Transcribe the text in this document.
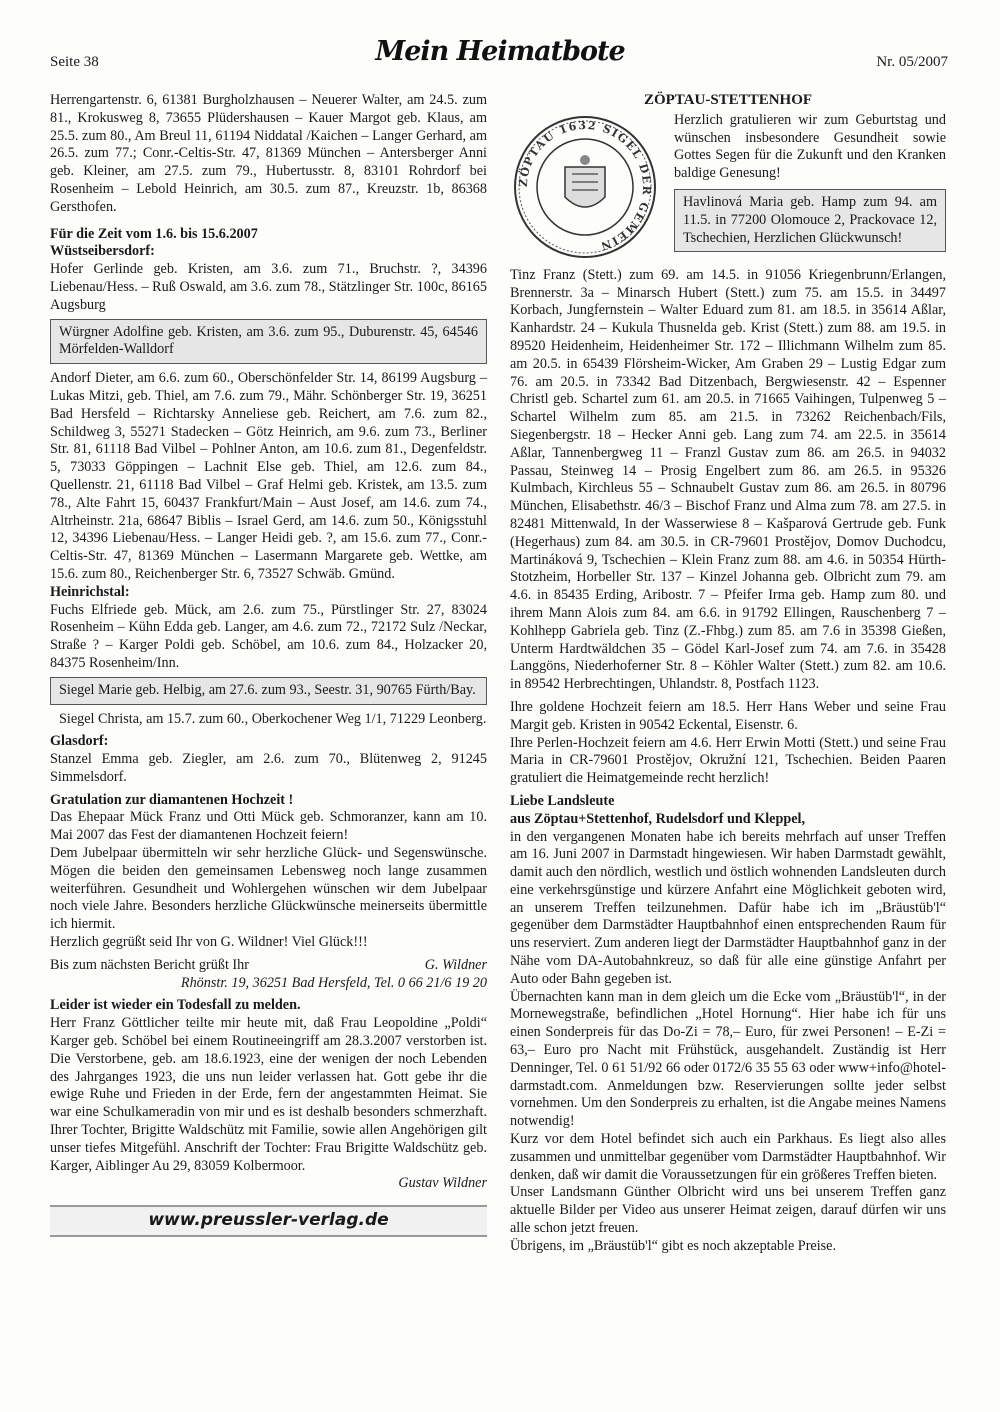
Seite 38	Mein Heimatbote	Nr. 05/2007

Herrengartenstr. 6, 61381 Burgholzhausen – Neuerer Walter, am 24.5. zum 81., Krokusweg 8, 73655 Plüdershausen – Kauer Margot geb. Klaus, am 25.5. zum 80., Am Breul 11, 61194 Niddatal /Kaichen – Langer Gerhard, am 26.5. zum 77.; Conr.-Celtis-Str. 47, 81369 München – Antersberger Anni geb. Kleiner, am 27.5. zum 79., Hubertusstr. 8, 83101 Rohrdorf bei Rosenheim – Lebold Heinrich, am 30.5. zum 87., Kreuzstr. 1b, 86368 Gersthofen.

Für die Zeit vom 1.6. bis 15.6.2007

Wüstseibersdorf:

Hofer Gerlinde geb. Kristen, am 3.6. zum 71., Bruchstr. ?, 34396 Liebenau/Hess. – Ruß Oswald, am 3.6. zum 78., Stätzlinger Str. 100c, 86165 Augsburg

Würgner Adolfine geb. Kristen, am 3.6. zum 95., Duburenstr. 45, 64546 Mörfelden-Walldorf

Andorf Dieter, am 6.6. zum 60., Oberschönfelder Str. 14, 86199 Augsburg – Lukas Mitzi, geb. Thiel, am 7.6. zum 79., Mähr. Schönberger Str. 19, 36251 Bad Hersfeld – Richtarsky Anneliese geb. Reichert, am 7.6. zum 82., Schildweg 3, 55271 Stadecken – Götz Heinrich, am 9.6. zum 73., Berliner Str. 81, 61118 Bad Vilbel – Pohlner Anton, am 10.6. zum 81., Degenfeldstr. 5, 73033 Göppingen – Lachnit Else geb. Thiel, am 12.6. zum 84., Quellenstr. 21, 61118 Bad Vilbel – Graf Helmi geb. Kristek, am 13.5. zum 78., Alte Fahrt 15, 60437 Frankfurt/Main – Aust Josef, am 14.6. zum 74., Altrheinstr. 21a, 68647 Biblis – Israel Gerd, am 14.6. zum 50., Königsstuhl 12, 34396 Liebenau/Hess. – Langer Heidi geb. ?, am 15.6. zum 77., Conr.-Celtis-Str. 47, 81369 München – Lasermann Margarete geb. Wettke, am 15.6. zum 80., Reichenberger Str. 6, 73527 Schwäb. Gmünd.

Heinrichstal:

Fuchs Elfriede geb. Mück, am 2.6. zum 75., Pürstlinger Str. 27, 83024 Rosenheim – Kühn Edda geb. Langer, am 4.6. zum 72., 72172 Sulz /Neckar, Straße ? – Karger Poldi geb. Schöbel, am 10.6. zum 84., Holzacker 20, 84375 Rosenheim/Inn.

Siegel Marie geb. Helbig, am 27.6. zum 93., Seestr. 31, 90765 Fürth/Bay.

Siegel Christa, am 15.7. zum 60., Oberkochener Weg 1/1, 71229 Leonberg.

Glasdorf:

Stanzel Emma geb. Ziegler, am 2.6. zum 70., Blütenweg 2, 91245 Simmelsdorf.

Gratulation zur diamantenen Hochzeit !

Das Ehepaar Mück Franz und Otti Mück geb. Schmoranzer, kann am 10. Mai 2007 das Fest der diamantenen Hochzeit feiern!

Dem Jubelpaar übermitteln wir sehr herzliche Glück- und Segenswünsche. Mögen die beiden den gemeinsamen Lebensweg noch lange zusammen weiterführen. Gesundheit und Wohlergehen wünschen wir dem Jubelpaar noch viele Jahre. Besonders herzliche Glückwünsche meinerseits übermittle ich hiermit.

Herzlich gegrüßt seid Ihr von G. Wildner! Viel Glück!!!

Bis zum nächsten Bericht grüßt Ihr	G. Wildner

Rhönstr. 19, 36251 Bad Hersfeld, Tel. 0 66 21/6 19 20

Leider ist wieder ein Todesfall zu melden.

Herr Franz Göttlicher teilte mir heute mit, daß Frau Leopoldine „Poldi“ Karger geb. Schöbel bei einem Routineeingriff am 28.3.2007 verstorben ist. Die Verstorbene, geb. am 18.6.1923, eine der wenigen der noch Lebenden des Jahrganges 1923, die uns nun leider verlassen hat. Gott gebe ihr die ewige Ruhe und Frieden in der Erde, fern der angestammten Heimat. Sie war eine Schulkameradin von mir und es ist deshalb besonders schmerzhaft. Ihrer Tochter, Brigitte Waldschütz mit Familie, sowie allen Angehörigen gilt unser tiefes Mitgefühl. Anschrift der Tochter: Frau Brigitte Waldschütz geb. Karger, Aiblinger Au 29, 83059 Kolbermoor.

Gustav Wildner

www.preussler-verlag.de
ZÖPTAU-STETTENHOF
ZÖPTAU 1632 SIGEL DER GEMEIN

Herzlich gratulieren wir zum Geburtstag und wünschen insbesondere Gesundheit sowie Gottes Segen für die Zukunft und den Kranken baldige Genesung!

Havlinová Maria geb. Hamp zum 94. am 11.5. in 77200 Olomouce 2, Prackovace 12, Tschechien, Herzlichen Glückwunsch!

Tinz Franz (Stett.) zum 69. am 14.5. in 91056 Kriegenbrunn/Erlangen, Brennerstr. 3a – Minarsch Hubert (Stett.) zum 75. am 15.5. in 34497 Korbach, Jungfernstein – Walter Eduard zum 81. am 18.5. in 35614 Aßlar, Kanhardstr. 24 – Kukula Thusnelda geb. Krist (Stett.) zum 88. am 19.5. in 89520 Heidenheim, Heidenheimer Str. 172 – Illichmann Wilhelm zum 85. am 20.5. in 65439 Flörsheim-Wicker, Am Graben 29 – Lustig Edgar zum 76. am 20.5. in 73342 Bad Ditzenbach, Bergwiesenstr. 42 – Espenner Christl geb. Schartel zum 61. am 20.5. in 71665 Vaihingen, Tulpenweg 5 – Schartel Wilhelm zum 85. am 21.5. in 73262 Reichenbach/Fils, Siegenbergstr. 18 – Hecker Anni geb. Lang zum 74. am 22.5. in 35614 Aßlar, Tannenbergweg 11 – Franzl Gustav zum 86. am 26.5. in 94032 Passau, Steinweg 14 – Prosig Engelbert zum 86. am 26.5. in 95326 Kulmbach, Kirchleus 55 – Schnaubelt Gustav zum 86. am 26.5. in 80796 München, Elisabethstr. 46/3 – Bischof Franz und Alma zum 78. am 27.5. in 82481 Mittenwald, In der Wasserwiese 8 – Kašparová Gertrude geb. Funk (Hegerhaus) zum 84. am 30.5. in CR-79601 Prostějov, Domov Duchodcu, Martináková 9, Tschechien – Klein Franz zum 88. am 4.6. in 50354 Hürth-Stotzheim, Horbeller Str. 137 – Kinzel Johanna geb. Olbricht zum 79. am 4.6. in 85435 Erding, Aribostr. 7 – Pfeifer Irma geb. Hamp zum 80. und ihrem Mann Alois zum 84. am 6.6. in 91792 Ellingen, Rauschenberg 7 – Kohlhepp Gabriela geb. Tinz (Z.-Fhbg.) zum 85. am 7.6 in 35398 Gießen, Unterm Hardtwäldchen 35 – Gödel Karl-Josef zum 74. am 7.6. in 35428 Langgöns, Niederhoferner Str. 8 – Köhler Walter (Stett.) zum 82. am 10.6. in 89542 Herbrechtingen, Uhlandstr. 8, Postfach 1123.

Ihre goldene Hochzeit feiern am 18.5. Herr Hans Weber und seine Frau Margit geb. Kristen in 90542 Eckental, Eisenstr. 6.

Ihre Perlen-Hochzeit feiern am 4.6. Herr Erwin Motti (Stett.) und seine Frau Maria in CR-79601 Prostějov, Okružní 121, Tschechien. Beiden Paaren gratuliert die Heimatgemeinde recht herzlich!

Liebe Landsleute

aus Zöptau+Stettenhof, Rudelsdorf und Kleppel,

in den vergangenen Monaten habe ich bereits mehrfach auf unser Treffen am 16. Juni 2007 in Darmstadt hingewiesen. Wir haben Darmstadt gewählt, damit auch den nördlich, westlich und östlich wohnenden Landsleuten durch eine verkehrsgünstige und kürzere Anfahrt eine Möglichkeit geboten wird, an unserem Treffen teilzunehmen. Dafür habe ich im „Bräustüb'l“ gegenüber dem Darmstädter Hauptbahnhof einen entsprechenden Raum für uns reserviert. Zum anderen liegt der Darmstädter Hauptbahnhof ganz in der Nähe vom DA-Autobahnkreuz, so daß für alle eine günstige Anfahrt per Auto oder Bahn gegeben ist.

Übernachten kann man in dem gleich um die Ecke vom „Bräustüb'l“, in der Mornewegstraße, befindlichen „Hotel Hornung“. Hier habe ich für uns einen Sonderpreis für das Do-Zi = 78,– Euro, für zwei Personen! – E-Zi = 63,– Euro pro Nacht mit Frühstück, ausgehandelt. Zuständig ist Herr Denninger, Tel. 0 61 51/92 66 oder 0172/6 35 55 63 oder www+info@hotel-darmstadt.com. Anmeldungen bzw. Reservierungen sollte jeder selbst vornehmen. Um den Sonderpreis zu erhalten, ist die Angabe meines Namens notwendig!

Kurz vor dem Hotel befindet sich auch ein Parkhaus. Es liegt also alles zusammen und unmittelbar gegenüber vom Darmstädter Hauptbahnhof. Wir denken, daß wir damit die Voraussetzungen für ein größeres Treffen bieten.

Unser Landsmann Günther Olbricht wird uns bei unserem Treffen ganz aktuelle Bilder per Video aus unserer Heimat zeigen, darauf dürfen wir uns alle schon jetzt freuen.

Übrigens, im „Bräustüb'l“ gibt es noch akzeptable Preise.
